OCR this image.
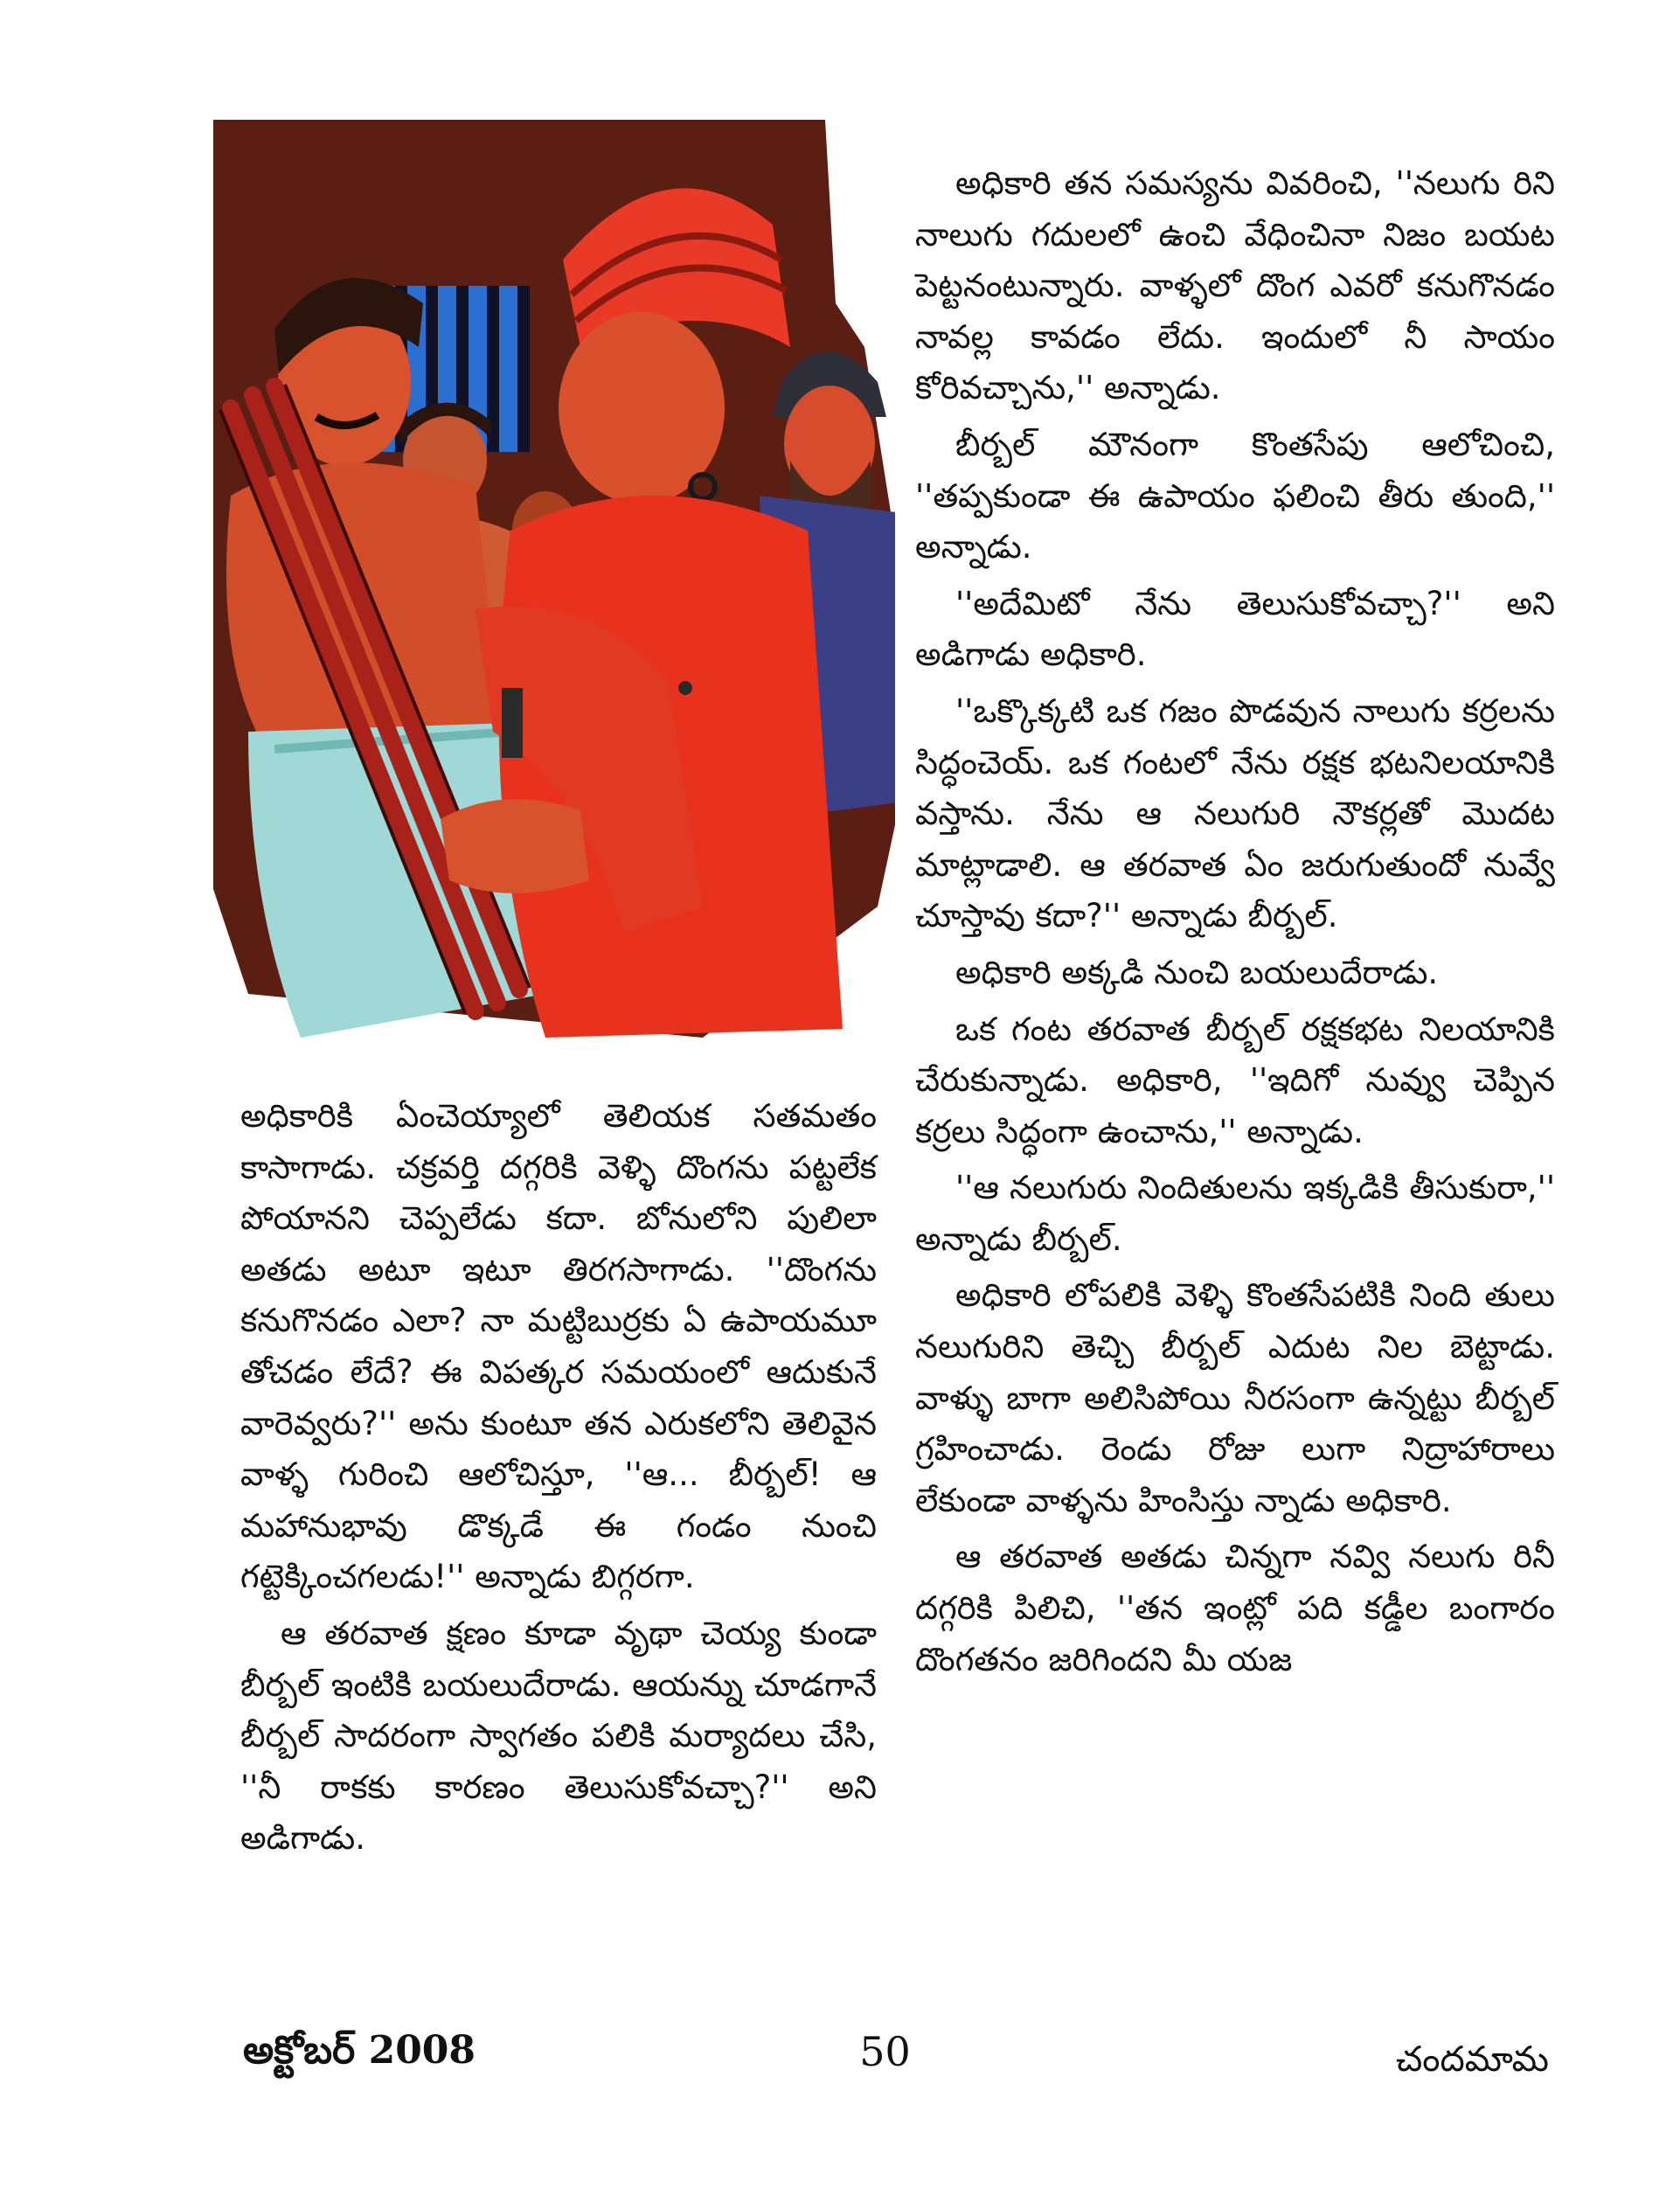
అధికారి తన సమస్యను వివరించి, ''నలుగు రిని నాలుగు గదులలో ఉంచి వేధించినా నిజం బయట పెట్టనంటున్నారు. వాళ్ళలో దొంగ ఎవరో కనుగొనడం నావల్ల కావడం లేదు. ఇందులో నీ సాయం కోరివచ్చాను,'' అన్నాడు.

బీర్బల్ మౌనంగా కొంతసేపు ఆలోచించి, ''తప్పకుండా ఈ ఉపాయం ఫలించి తీరు తుంది,'' అన్నాడు.

''అదేమిటో నేను తెలుసుకోవచ్చా?'' అని అడిగాడు అధికారి.

''ఒక్కొక్కటి ఒక గజం పొడవున నాలుగు కర్రలను సిద్ధంచెయ్. ఒక గంటలో నేను రక్షక భటనిలయానికి వస్తాను. నేను ఆ నలుగురి నౌకర్లతో మొదట మాట్లాడాలి. ఆ తరవాత ఏం జరుగుతుందో నువ్వే చూస్తావు కదా?'' అన్నాడు బీర్బల్.

అధికారి అక్కడి నుంచి బయలుదేరాడు.

ఒక గంట తరవాత బీర్బల్ రక్షకభట నిలయానికి చేరుకున్నాడు. అధికారి, ''ఇదిగో నువ్వు చెప్పిన కర్రలు సిద్ధంగా ఉంచాను,'' అన్నాడు.

''ఆ నలుగురు నిందితులను ఇక్కడికి తీసుకురా,'' అన్నాడు బీర్బల్.

అధికారి లోపలికి వెళ్ళి కొంతసేపటికి నింది తులు నలుగురిని తెచ్చి బీర్బల్ ఎదుట నిల బెట్టాడు. వాళ్ళు బాగా అలిసిపోయి నీరసంగా ఉన్నట్టు బీర్బల్ గ్రహించాడు. రెండు రోజు లుగా నిద్రాహారాలు లేకుండా వాళ్ళను హింసిస్తు న్నాడు అధికారి.

ఆ తరవాత అతడు చిన్నగా నవ్వి నలుగు రినీ దగ్గరికి పిలిచి, ''తన ఇంట్లో పది కడ్డీల బంగారం దొంగతనం జరిగిందని మీ యజ

అధికారికి ఏంచెయ్యాలో తెలియక సతమతం కాసాగాడు. చక్రవర్తి దగ్గరికి వెళ్ళి దొంగను పట్టలేక పోయానని చెప్పలేడు కదా. బోనులోని పులిలా అతడు అటూ ఇటూ తిరగసాగాడు. ''దొంగను కనుగొనడం ఎలా? నా మట్టిబుర్రకు ఏ ఉపాయమూ తోచడం లేదే? ఈ విపత్కర సమయంలో ఆదుకునే వారెవ్వరు?'' అను కుంటూ తన ఎరుకలోని తెలివైన వాళ్ళ గురించి ఆలోచిస్తూ, ''ఆ... బీర్బల్! ఆ మహానుభావు డొక్కడే ఈ గండం నుంచి గట్టెక్కించగలడు!'' అన్నాడు బిగ్గరగా.

ఆ తరవాత క్షణం కూడా వృథా చెయ్య కుండా బీర్బల్ ఇంటికి బయలుదేరాడు. ఆయన్ను చూడగానే బీర్బల్ సాదరంగా స్వాగతం పలికి మర్యాదలు చేసి, ''నీ రాకకు కారణం తెలుసుకోవచ్చా?'' అని అడిగాడు.

అక్టోబర్ 2008	50	చందమామ
